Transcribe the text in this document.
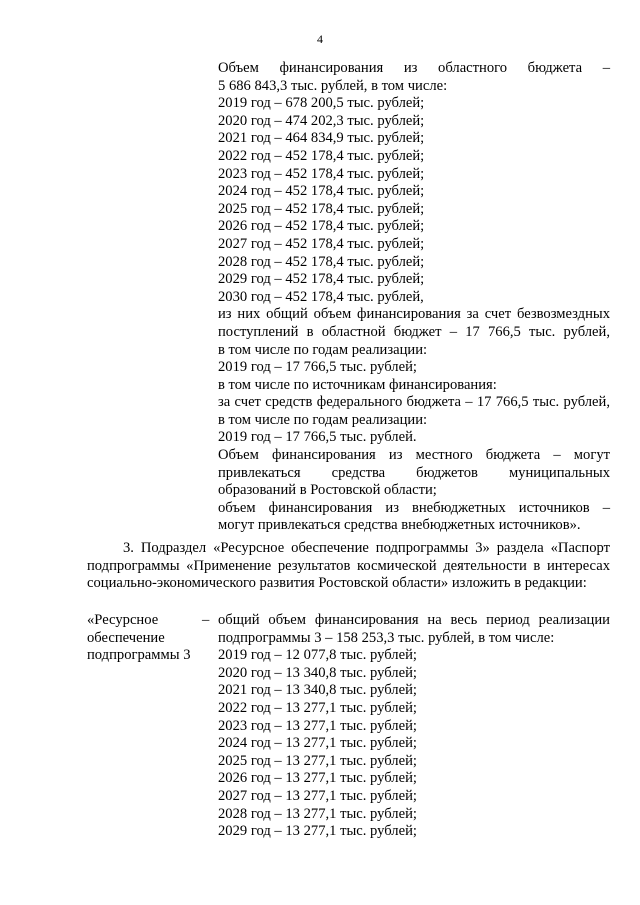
4

Объем финансирования из областного бюджета –

5 686 843,3 тыс. рублей, в том числе:

2019 год – 678 200,5 тыс. рублей;

2020 год – 474 202,3 тыс. рублей;

2021 год – 464 834,9 тыс. рублей;

2022 год – 452 178,4 тыс. рублей;

2023 год – 452 178,4 тыс. рублей;

2024 год – 452 178,4 тыс. рублей;

2025 год – 452 178,4 тыс. рублей;

2026 год – 452 178,4 тыс. рублей;

2027 год – 452 178,4 тыс. рублей;

2028 год – 452 178,4 тыс. рублей;

2029 год – 452 178,4 тыс. рублей;

2030 год – 452 178,4 тыс. рублей,

из них общий объем финансирования за счет безвозмездных

поступлений в областной бюджет – 17 766,5 тыс. рублей,

в том числе по годам реализации:

2019 год – 17 766,5 тыс. рублей;

в том числе по источникам финансирования:

за счет средств федерального бюджета – 17 766,5 тыс. рублей,

в том числе по годам реализации:

2019 год – 17 766,5 тыс. рублей.

Объем финансирования из местного бюджета – могут

привлекаться средства бюджетов муниципальных

образований в Ростовской области;

объем финансирования из внебюджетных источников –

могут привлекаться средства внебюджетных источников».

3. Подраздел «Ресурсное обеспечение подпрограммы 3» раздела «Паспорт подпрограммы «Применение результатов космической деятельности в интересах социально-экономического развития Ростовской области» изложить в редакции:

«Ресурсное

обеспечение

подпрограммы 3

– общий объем финансирования на весь период реализации

подпрограммы 3 – 158 253,3 тыс. рублей, в том числе:

2019 год – 12 077,8 тыс. рублей;

2020 год – 13 340,8 тыс. рублей;

2021 год – 13 340,8 тыс. рублей;

2022 год – 13 277,1 тыс. рублей;

2023 год – 13 277,1 тыс. рублей;

2024 год – 13 277,1 тыс. рублей;

2025 год – 13 277,1 тыс. рублей;

2026 год – 13 277,1 тыс. рублей;

2027 год – 13 277,1 тыс. рублей;

2028 год – 13 277,1 тыс. рублей;

2029 год – 13 277,1 тыс. рублей;
